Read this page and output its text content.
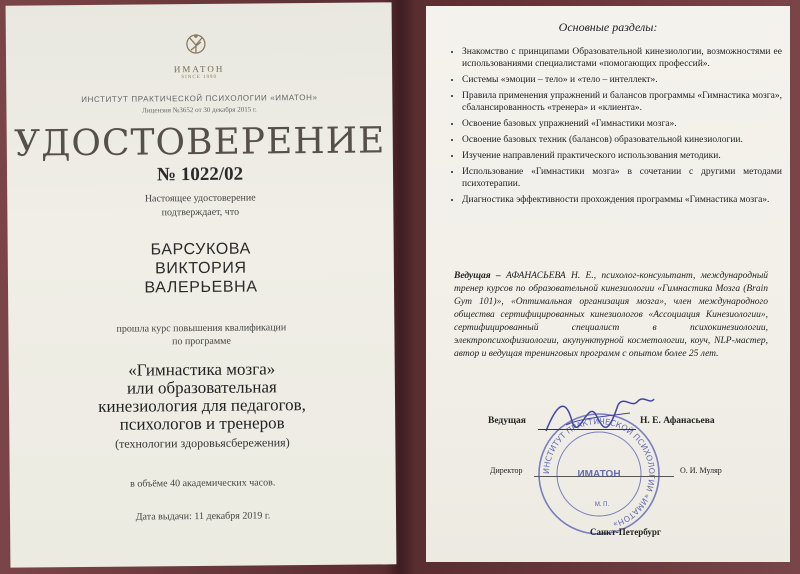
ИМАТОН
SINCE 1990
ИНСТИТУТ ПРАКТИЧЕСКОЙ ПСИХОЛОГИИ «ИМАТОН»
Лицензия №3652 от 30 декабря 2015 г.
УДОСТОВЕРЕНИЕ
№ 1022/02
Настоящее удостоверение
подтверждает, что
БАРСУКОВА
ВИКТОРИЯ
ВАЛЕРЬЕВНА
прошла курс повышения квалификации
по программе
«Гимнастика мозга»
или образовательная
кинезиология для педагогов,
психологов и тренеров
(технологии здоровьясбережения)
в объёме 40 академических часов.
Дата выдачи: 11 декабря 2019 г.
Основные разделы:
• Знакомство с принципами Образовательной кинезиологии, возможностями ее использованиями специалистами «помогающих профессий».
• Системы «эмоции – тело» и «тело – интеллект».
• Правила применения упражнений и балансов программы «Гимнастика мозга», сбалансированность «тренера» и «клиента».
• Освоение базовых упражнений «Гимнастики мозга».
• Освоение базовых техник (балансов) образовательной кинезиологии.
• Изучение направлений практического использования методики.
• Использование «Гимнастики мозга» в сочетании с другими методами психотерапии.
• Диагностика эффективности прохождения программы «Гимнастика мозга».
Ведущая – АФАНАСЬЕВА Н. Е., психолог-консультант, международный тренер курсов по образовательной кинезиологии «Гимнастика Мозга (Brain Gym 101)», «Оптимальная организация мозга», член международного общества сертифицированных кинезиологов «Ассоциация Кинезиологии», сертифицированный специалист в психокинезиологии, электропсихофизиологии, акупунктурной косметологии, коуч, NLP-мастер, автор и ведущая тренинговых программ с опытом более 25 лет.
ИНСТИТУТ ПРАКТИЧЕСКОЙ ПСИХОЛОГИИ «ИМАТОН»
ИМАТОН
М. П.
Ведущая	Н. Е. Афанасьева
Директор	О. И. Муляр
Санкт-Петербург
